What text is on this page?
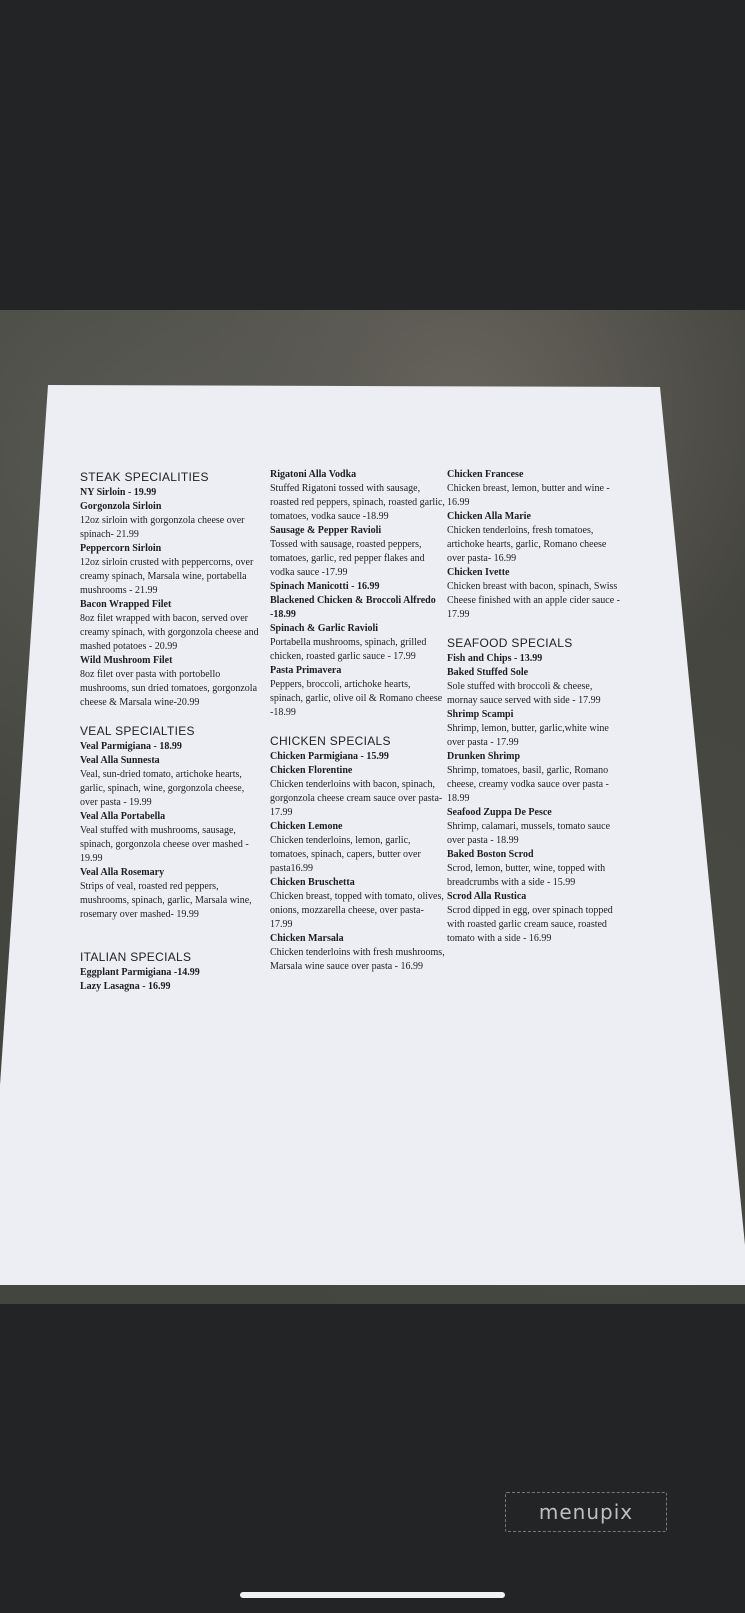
STEAK SPECIALITIES
NY Sirloin - 19.99
Gorgonzola Sirloin
12oz sirloin with gorgonzola cheese over spinach- 21.99
Peppercorn Sirloin
12oz sirloin crusted with peppercorns, over creamy spinach, Marsala wine, portabella mushrooms - 21.99
Bacon Wrapped Filet
8oz filet wrapped with bacon, served over creamy spinach, with gorgonzola cheese and mashed potatoes - 20.99
Wild Mushroom Filet
8oz filet over pasta with portobello mushrooms, sun dried tomatoes, gorgonzola cheese & Marsala wine-20.99
VEAL SPECIALTIES
Veal Parmigiana - 18.99
Veal Alla Sunnesta
Veal, sun-dried tomato, artichoke hearts, garlic, spinach, wine, gorgonzola cheese, over pasta - 19.99
Veal Alla Portabella
Veal stuffed with mushrooms, sausage, spinach, gorgonzola cheese over mashed - 19.99
Veal Alla Rosemary
Strips of veal, roasted red peppers, mushrooms, spinach, garlic, Marsala wine, rosemary over mashed- 19.99
ITALIAN SPECIALS
Eggplant Parmigiana -14.99
Lazy Lasagna - 16.99
Rigatoni Alla Vodka
Stuffed Rigatoni tossed with sausage, roasted red peppers, spinach, roasted garlic, tomatoes, vodka sauce -18.99
Sausage & Pepper Ravioli
Tossed with sausage, roasted peppers, tomatoes, garlic, red pepper flakes and vodka sauce -17.99
Spinach Manicotti - 16.99
Blackened Chicken & Broccoli Alfredo -18.99
Spinach & Garlic Ravioli
Portabella mushrooms, spinach, grilled chicken, roasted garlic sauce - 17.99
Pasta Primavera
Peppers, broccoli, artichoke hearts, spinach, garlic, olive oil & Romano cheese -18.99
CHICKEN SPECIALS
Chicken Parmigiana - 15.99
Chicken Florentine
Chicken tenderloins with bacon, spinach, gorgonzola cheese cream sauce over pasta- 17.99
Chicken Lemone
Chicken tenderloins, lemon, garlic, tomatoes, spinach, capers, butter over pasta16.99
Chicken Bruschetta
Chicken breast, topped with tomato, olives, onions, mozzarella cheese, over pasta- 17.99
Chicken Marsala
Chicken tenderloins with fresh mushrooms, Marsala wine sauce over pasta - 16.99
Chicken Francese
Chicken breast, lemon, butter and wine - 16.99
Chicken Alla Marie
Chicken tenderloins, fresh tomatoes, artichoke hearts, garlic, Romano cheese over pasta- 16.99
Chicken Ivette
Chicken breast with bacon, spinach, Swiss Cheese finished with an apple cider sauce - 17.99
SEAFOOD SPECIALS
Fish and Chips - 13.99
Baked Stuffed Sole
Sole stuffed with broccoli & cheese, mornay sauce served with side - 17.99
Shrimp Scampi
Shrimp, lemon, butter, garlic,white wine over pasta - 17.99
Drunken Shrimp
Shrimp, tomatoes, basil, garlic, Romano cheese, creamy vodka sauce over pasta - 18.99
Seafood Zuppa De Pesce
Shrimp, calamari, mussels, tomato sauce over pasta - 18.99
Baked Boston Scrod
Scrod, lemon, butter, wine, topped with breadcrumbs with a side - 15.99
Scrod Alla Rustica
Scrod dipped in egg, over spinach topped with roasted garlic cream sauce, roasted tomato with a side - 16.99
menupix
